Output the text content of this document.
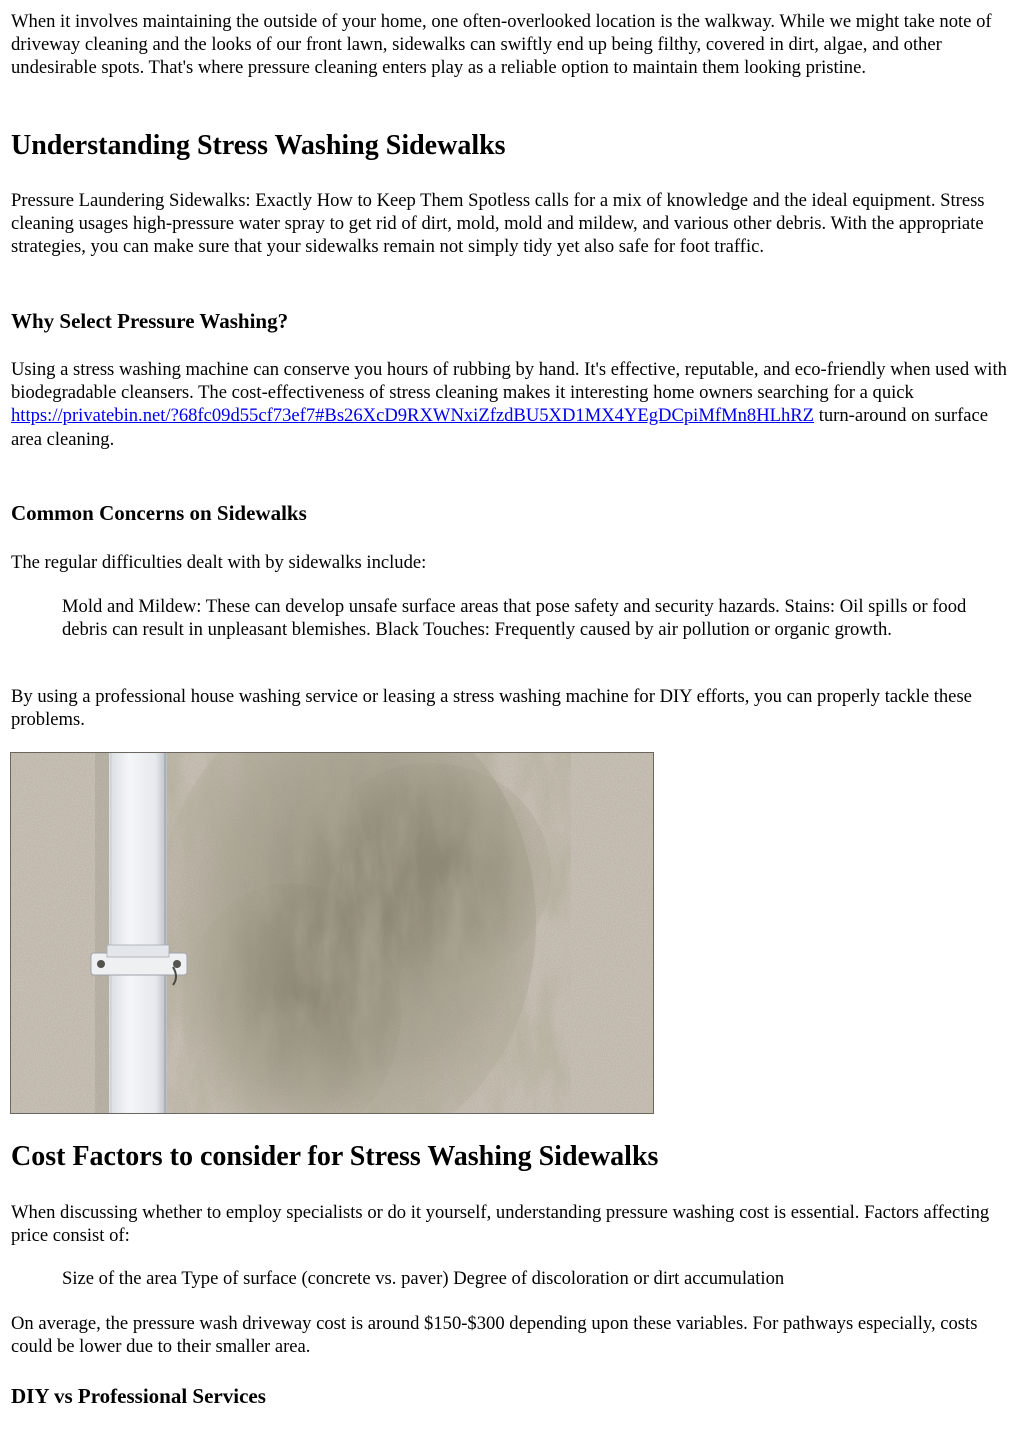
When it involves maintaining the outside of your home, one often-overlooked location is the walkway. While we might take note of driveway cleaning and the looks of our front lawn, sidewalks can swiftly end up being filthy, covered in dirt, algae, and other undesirable spots. That's where pressure cleaning enters play as a reliable option to maintain them looking pristine.

Understanding Stress Washing Sidewalks

Pressure Laundering Sidewalks: Exactly How to Keep Them Spotless calls for a mix of knowledge and the ideal equipment. Stress cleaning usages high-pressure water spray to get rid of dirt, mold, mold and mildew, and various other debris. With the appropriate strategies, you can make sure that your sidewalks remain not simply tidy yet also safe for foot traffic.

Why Select Pressure Washing?

Using a stress washing machine can conserve you hours of rubbing by hand. It's effective, reputable, and eco-friendly when used with biodegradable cleansers. The cost-effectiveness of stress cleaning makes it interesting home owners searching for a quick https://privatebin.net/?68fc09d55cf73ef7#Bs26XcD9RXWNxiZfzdBU5XD1MX4YEgDCpiMfMn8HLhRZ turn-around on surface area cleaning.

Common Concerns on Sidewalks

The regular difficulties dealt with by sidewalks include:

Mold and Mildew: These can develop unsafe surface areas that pose safety and security hazards. Stains: Oil spills or food debris can result in unpleasant blemishes. Black Touches: Frequently caused by air pollution or organic growth.

By using a professional house washing service or leasing a stress washing machine for DIY efforts, you can properly tackle these problems.

Cost Factors to consider for Stress Washing Sidewalks

When discussing whether to employ specialists or do it yourself, understanding pressure washing cost is essential. Factors affecting price consist of:

Size of the area Type of surface (concrete vs. paver) Degree of discoloration or dirt accumulation

On average, the pressure wash driveway cost is around $150-$300 depending upon these variables. For pathways especially, costs could be lower due to their smaller area.

DIY vs Professional Services
